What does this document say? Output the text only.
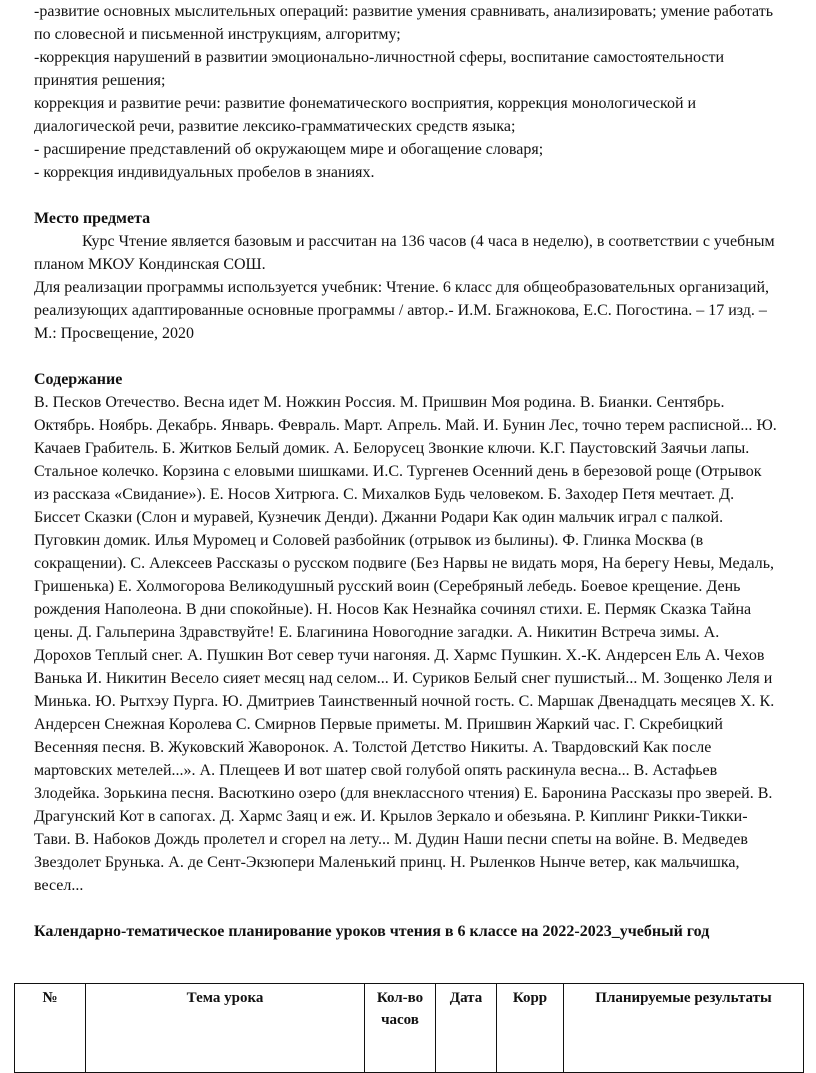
-развитие основных мыслительных операций: развитие умения сравнивать, анализировать; умение работать по словесной и письменной инструкциям, алгоритму;

-коррекция нарушений в развитии эмоционально-личностной сферы, воспитание самостоятельности принятия решения;

коррекция и развитие речи: развитие фонематического восприятия, коррекция монологической и диалогической речи, развитие лексико-грамматических средств языка;

- расширение представлений об окружающем мире и обогащение словаря;

- коррекция индивидуальных пробелов в знаниях.

Место предмета

Курс Чтение является базовым и рассчитан на 136 часов (4 часа в неделю), в соответствии с учебным планом МКОУ Кондинская СОШ.

Для реализации программы используется учебник: Чтение. 6 класс для общеобразовательных организаций, реализующих адаптированные основные программы / автор.- И.М. Бгажнокова, Е.С. Погостина. – 17 изд. – М.: Просвещение, 2020

Содержание

В. Песков Отечество. Весна идет М. Ножкин Россия. М. Пришвин Моя родина. В. Бианки. Сентябрь. Октябрь. Ноябрь. Декабрь. Январь. Февраль. Март. Апрель. Май. И. Бунин Лес, точно терем расписной... Ю. Качаев Грабитель. Б. Житков Белый домик. А. Белорусец Звонкие ключи. К.Г. Паустовский Заячьи лапы. Стальное колечко. Корзина с еловыми шишками. И.С. Тургенев Осенний день в березовой роще (Отрывок из рассказа «Свидание»). Е. Носов Хитрюга. С. Михалков Будь человеком. Б. Заходер Петя мечтает. Д. Биссет Сказки (Слон и муравей, Кузнечик Денди). Джанни Родари Как один мальчик играл с палкой. Пуговкин домик. Илья Муромец и Соловей разбойник (отрывок из былины). Ф. Глинка Москва (в сокращении). С. Алексеев Рассказы о русском подвиге (Без Нарвы не видать моря, На берегу Невы, Медаль, Гришенька) Е. Холмогорова Великодушный русский воин (Серебряный лебедь. Боевое крещение. День рождения Наполеона. В дни спокойные). Н. Носов Как Незнайка сочинял стихи. Е. Пермяк Сказка Тайна цены. Д. Гальперина Здравствуйте! Е. Благинина Новогодние загадки. А. Никитин Встреча зимы. А. Дорохов Теплый снег. А. Пушкин Вот север тучи нагоняя. Д. Хармс Пушкин. Х.-К. Андерсен Ель А. Чехов Ванька И. Никитин Весело сияет месяц над селом... И. Суриков Белый снег пушистый... М. Зощенко Леля и Минька. Ю. Рытхэу Пурга. Ю. Дмитриев Таинственный ночной гость. С. Маршак Двенадцать месяцев Х. К. Андерсен Снежная Королева С. Смирнов Первые приметы. М. Пришвин Жаркий час. Г. Скребицкий Весенняя песня. В. Жуковский Жаворонок. А. Толстой Детство Никиты. А. Твардовский Как после мартовских метелей...». А. Плещеев И вот шатер свой голубой опять раскинула весна... В. Астафьев Злодейка. Зорькина песня. Васюткино озеро (для внеклассного чтения) Е. Баронина Рассказы про зверей. В. Драгунский Кот в сапогах. Д. Хармс Заяц и еж. И. Крылов Зеркало и обезьяна. Р. Киплинг Рикки-Тикки-Тави. В. Набоков Дождь пролетел и сгорел на лету... М. Дудин Наши песни спеты на войне. В. Медведев Звездолет Брунька. А. де Сент-Экзюпери Маленький принц. Н. Рыленков Нынче ветер, как мальчишка, весел...

Календарно-тематическое планирование уроков чтения в 6 классе на 2022-2023_учебный год
№	Тема урока	Кол-во часов	Дата	Корр	Планируемые результаты
